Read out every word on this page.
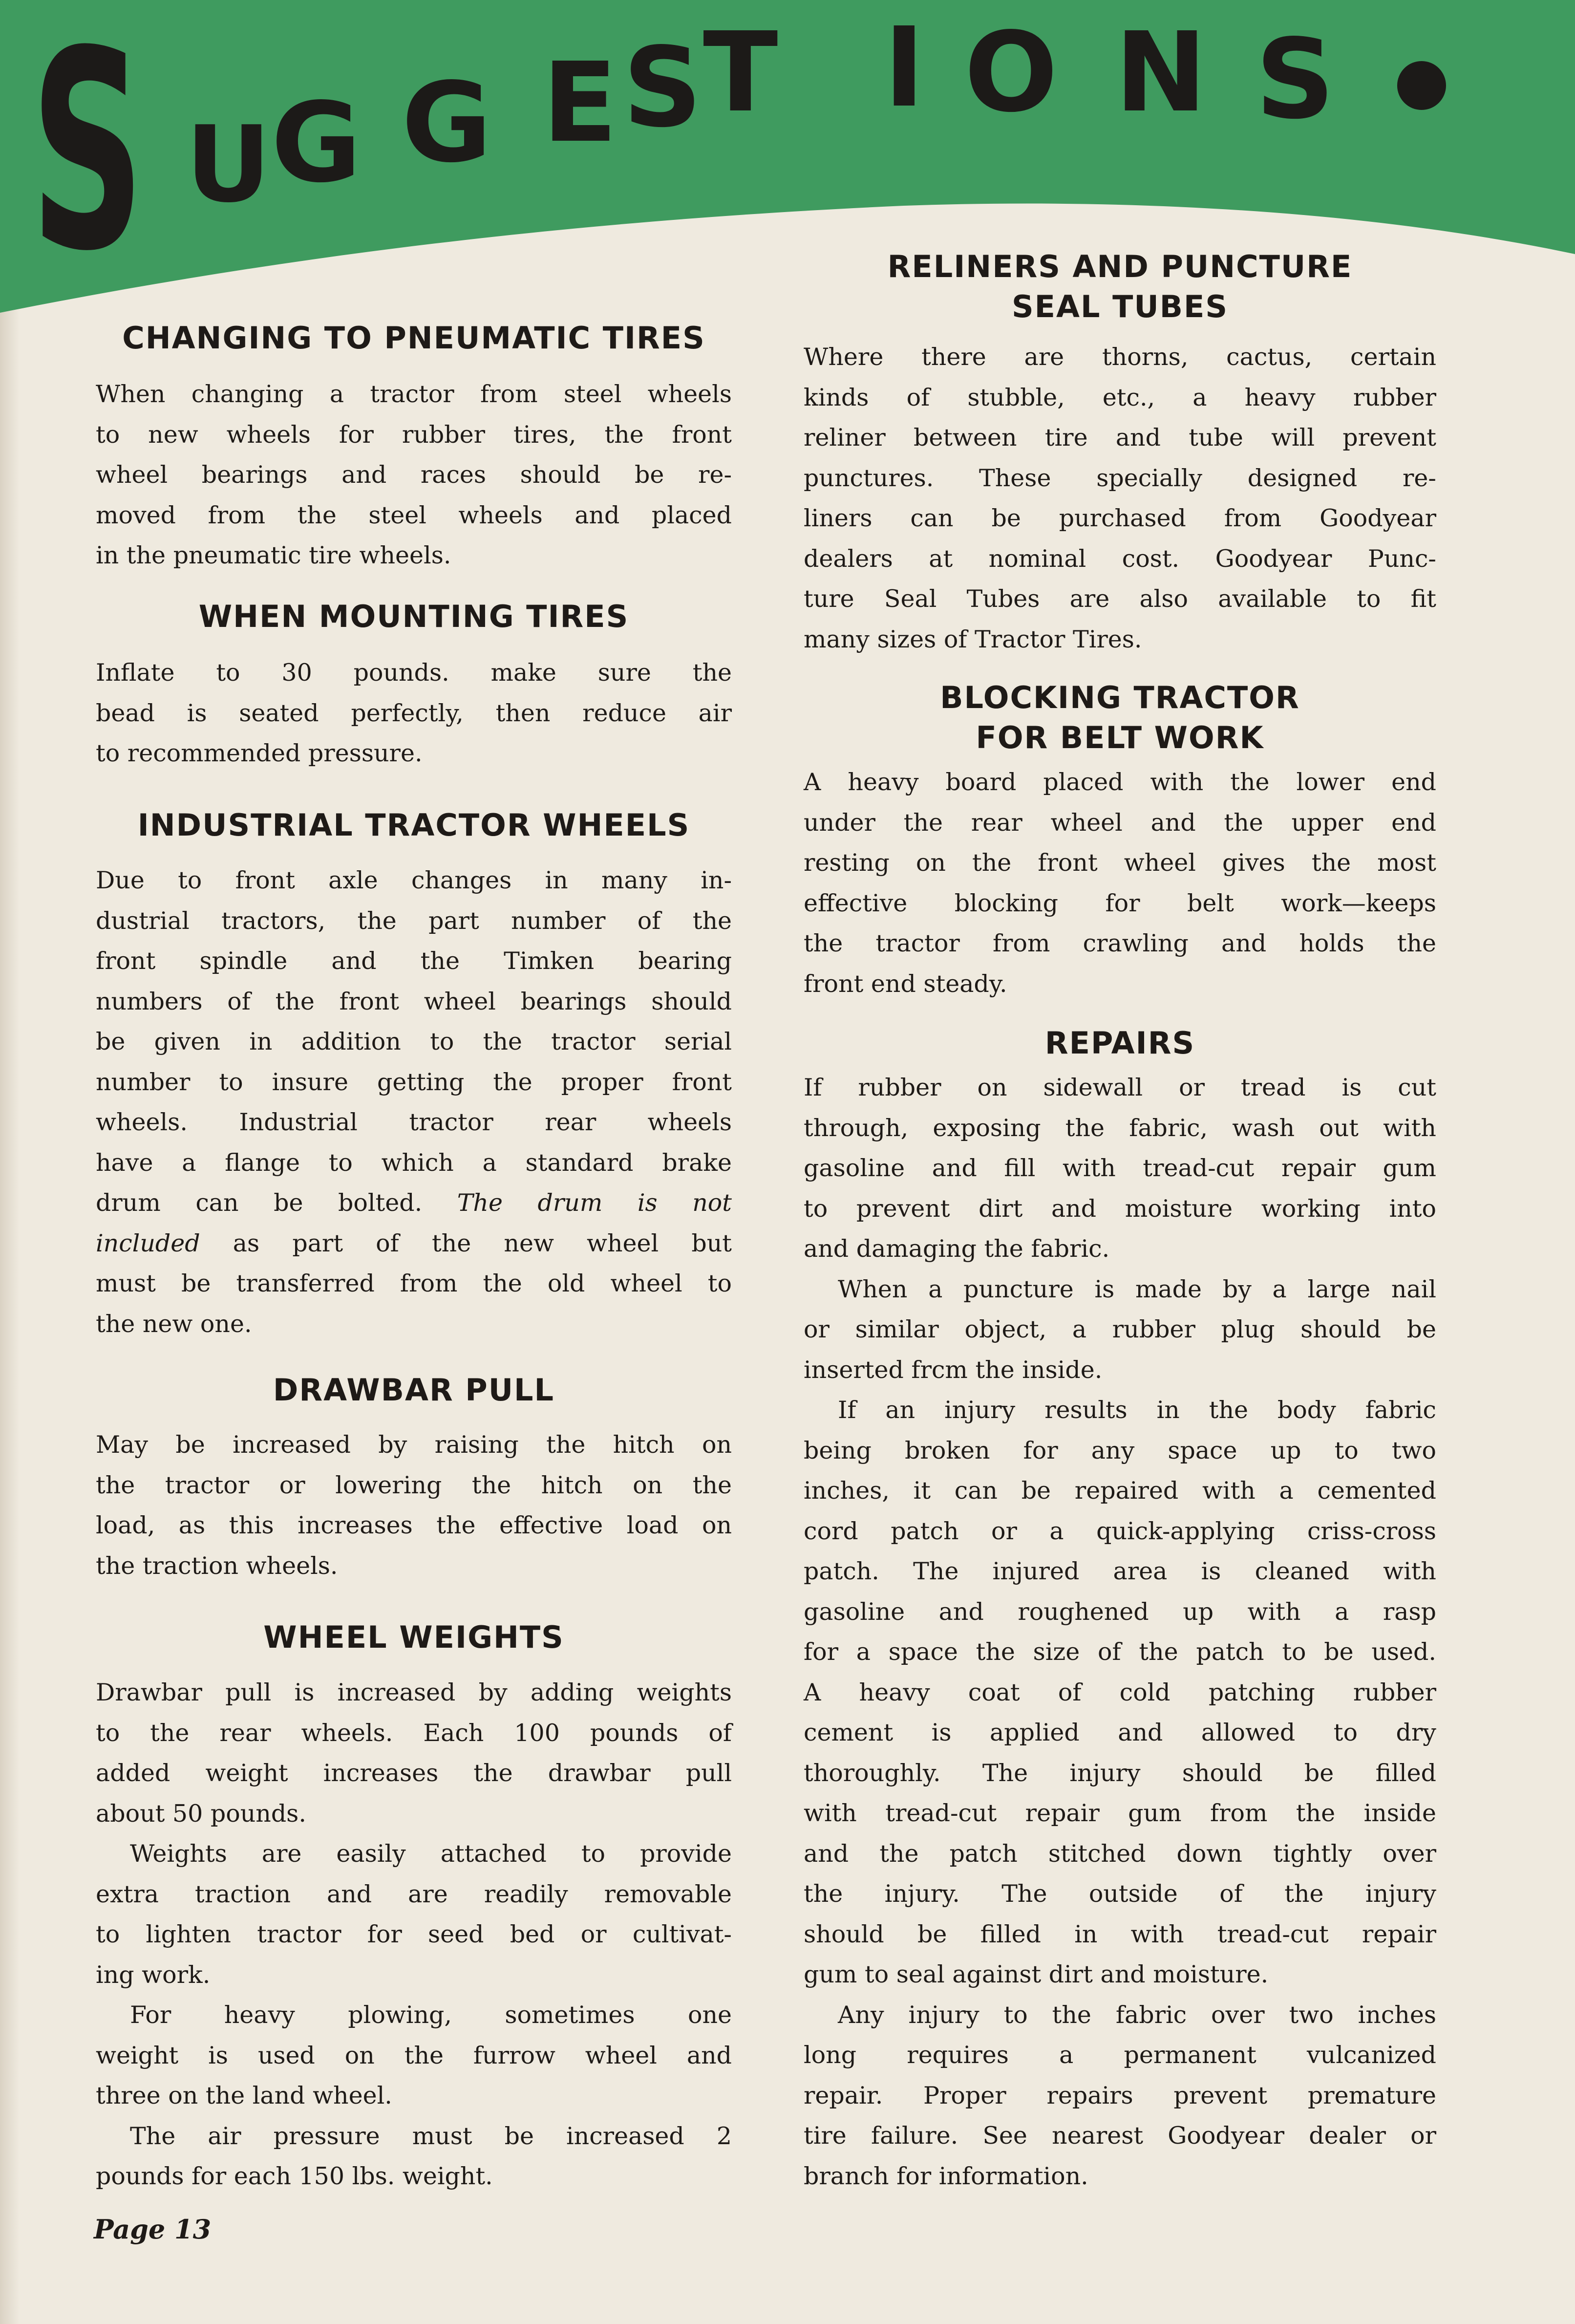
S U G G E S T I O N S
CHANGING TO PNEUMATIC TIRES
When changing a tractor from steel wheels
to new wheels for rubber tires, the front
wheel bearings and races should be re-
moved from the steel wheels and placed
in the pneumatic tire wheels.
WHEN MOUNTING TIRES
Inflate to 30 pounds. make sure the
bead is seated perfectly, then reduce air
to recommended pressure.
INDUSTRIAL TRACTOR WHEELS
Due to front axle changes in many in-
dustrial tractors, the part number of the
front spindle and the Timken bearing
numbers of the front wheel bearings should
be given in addition to the tractor serial
number to insure getting the proper front
wheels. Industrial tractor rear wheels
have a flange to which a standard brake
drum can be bolted. The drum is not
included as part of the new wheel but
must be transferred from the old wheel to
the new one.
DRAWBAR PULL
May be increased by raising the hitch on
the tractor or lowering the hitch on the
load, as this increases the effective load on
the traction wheels.
WHEEL WEIGHTS
Drawbar pull is increased by adding weights
to the rear wheels. Each 100 pounds of
added weight increases the drawbar pull
about 50 pounds.
Weights are easily attached to provide
extra traction and are readily removable
to lighten tractor for seed bed or cultivat-
ing work.
For heavy plowing, sometimes one
weight is used on the furrow wheel and
three on the land wheel.
The air pressure must be increased 2
pounds for each 150 lbs. weight.
RELINERS AND PUNCTURE
SEAL TUBES
Where there are thorns, cactus, certain
kinds of stubble, etc., a heavy rubber
reliner between tire and tube will prevent
punctures. These specially designed re-
liners can be purchased from Goodyear
dealers at nominal cost. Goodyear Punc-
ture Seal Tubes are also available to fit
many sizes of Tractor Tires.
BLOCKING TRACTOR
FOR BELT WORK
A heavy board placed with the lower end
under the rear wheel and the upper end
resting on the front wheel gives the most
effective blocking for belt work—keeps
the tractor from crawling and holds the
front end steady.
REPAIRS
If rubber on sidewall or tread is cut
through, exposing the fabric, wash out with
gasoline and fill with tread-cut repair gum
to prevent dirt and moisture working into
and damaging the fabric.
When a puncture is made by a large nail
or similar object, a rubber plug should be
inserted frcm the inside.
If an injury results in the body fabric
being broken for any space up to two
inches, it can be repaired with a cemented
cord patch or a quick-applying criss-cross
patch. The injured area is cleaned with
gasoline and roughened up with a rasp
for a space the size of the patch to be used.
A heavy coat of cold patching rubber
cement is applied and allowed to dry
thoroughly. The injury should be filled
with tread-cut repair gum from the inside
and the patch stitched down tightly over
the injury. The outside of the injury
should be filled in with tread-cut repair
gum to seal against dirt and moisture.
Any injury to the fabric over two inches
long requires a permanent vulcanized
repair. Proper repairs prevent premature
tire failure. See nearest Goodyear dealer or
branch for information.
Page 13
